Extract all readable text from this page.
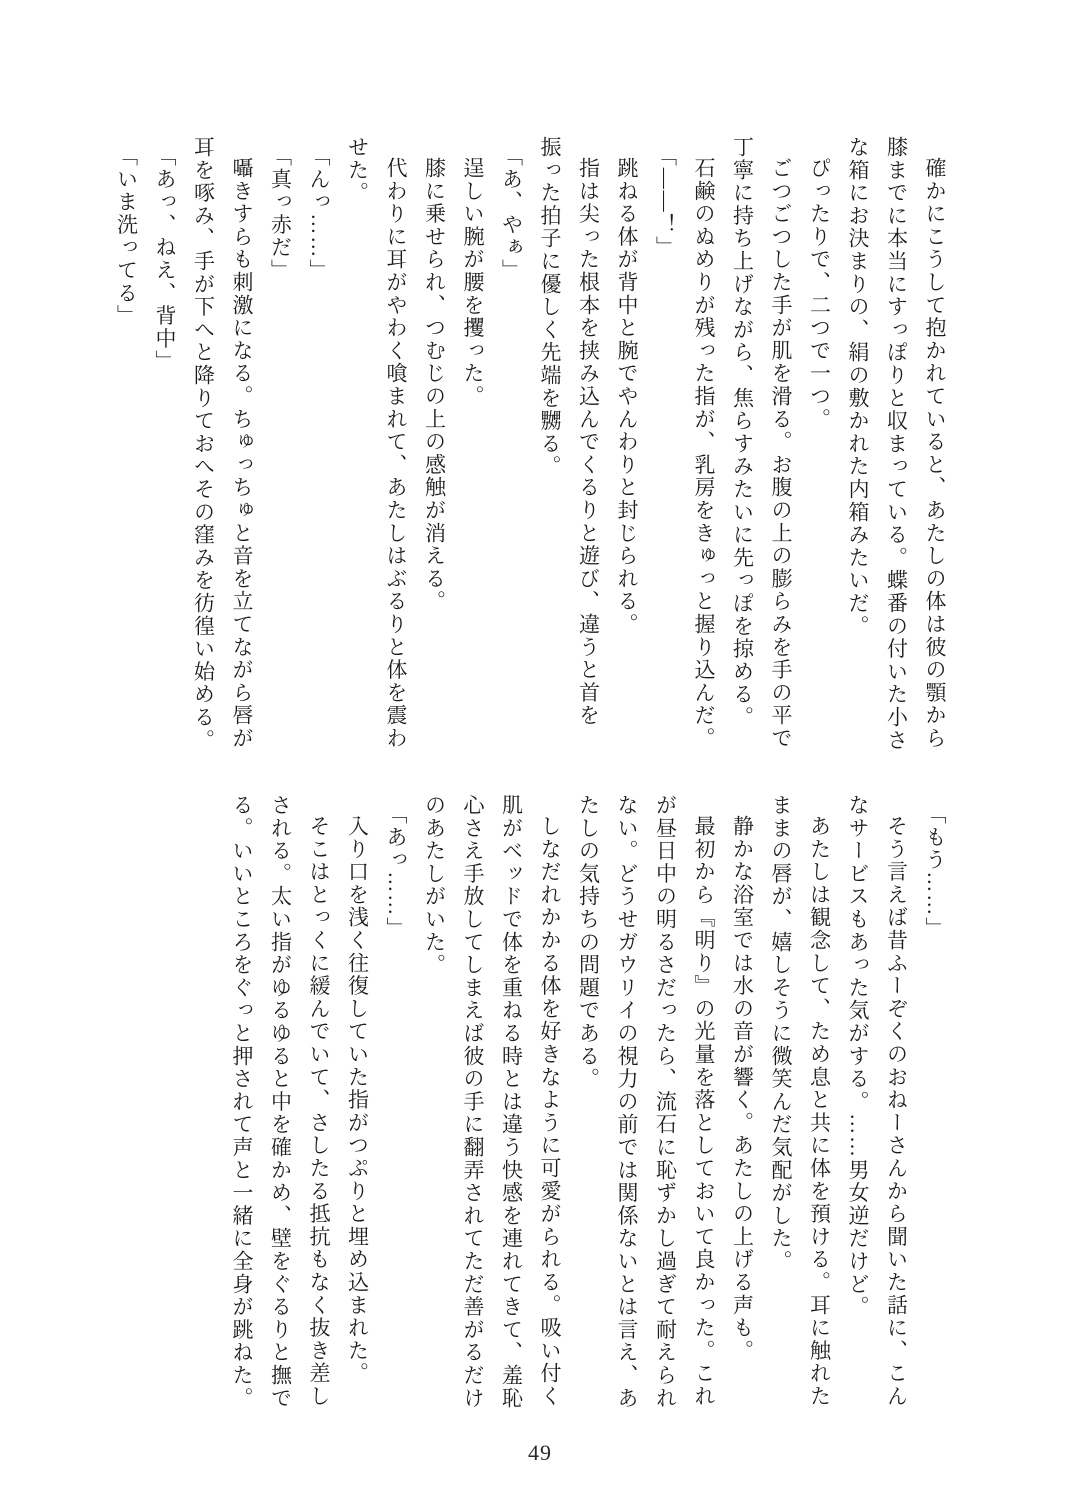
確かにこうして抱かれていると、あたしの体は彼の顎から膝までに本当にすっぽりと収まっている。蝶番の付いた小さな箱にお決まりの、絹の敷かれた内箱みたいだ。

ぴったりで、二つで一つ。

ごつごつした手が肌を滑る。お腹の上の膨らみを手の平で丁寧に持ち上げながら、焦らすみたいに先っぽを掠める。

石鹸のぬめりが残った指が、乳房をきゅっと握り込んだ。

「――！」

跳ねる体が背中と腕でやんわりと封じられる。

指は尖った根本を挟み込んでくるりと遊び、違うと首を振った拍子に優しく先端を嬲る。

「あ、やぁ」

逞しい腕が腰を攫った。

膝に乗せられ、つむじの上の感触が消える。

代わりに耳がやわく喰まれて、あたしはぶるりと体を震わせた。

「んっ……」

「真っ赤だ」

囁きすらも刺激になる。ちゅっちゅと音を立てながら唇が耳を啄み、手が下へと降りておへその窪みを彷徨い始める。

「あっ、ねえ、背中」

「いま洗ってる」

「もう……」

そう言えば昔ふーぞくのおねーさんから聞いた話に、こんなサービスもあった気がする。……男女逆だけど。

あたしは観念して、ため息と共に体を預ける。耳に触れたままの唇が、嬉しそうに微笑んだ気配がした。

静かな浴室では水の音が響く。あたしの上げる声も。

最初から『明り』の光量を落としておいて良かった。これが昼日中の明るさだったら、流石に恥ずかし過ぎて耐えられない。どうせガウリイの視力の前では関係ないとは言え、あたしの気持ちの問題である。

しなだれかかる体を好きなように可愛がられる。吸い付く肌がベッドで体を重ねる時とは違う快感を連れてきて、羞恥心さえ手放してしまえば彼の手に翻弄されてただ善がるだけのあたしがいた。

「あっ……」

入り口を浅く往復していた指がつぷりと埋め込まれた。

そこはとっくに緩んでいて、さしたる抵抗もなく抜き差しされる。太い指がゆるゆると中を確かめ、壁をぐるりと撫でる。いいところをぐっと押されて声と一緒に全身が跳ねた。

49
